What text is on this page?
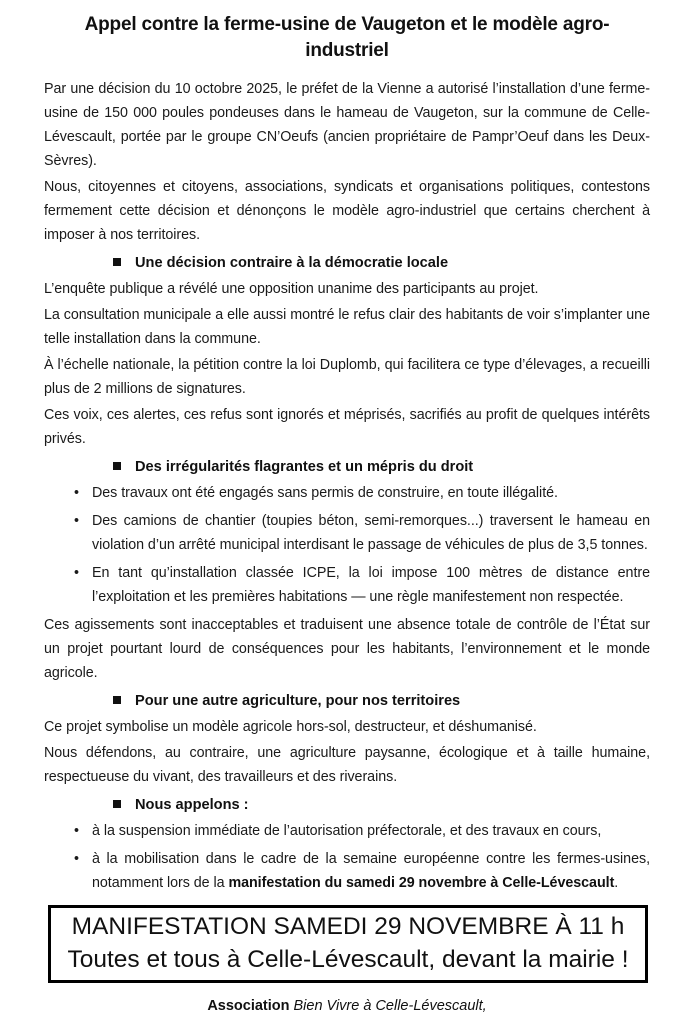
Appel contre la ferme-usine de Vaugeton et le modèle agro-industriel

Par une décision du 10 octobre 2025, le préfet de la Vienne a autorisé l’installation d’une ferme-usine de 150 000 poules pondeuses dans le hameau de Vaugeton, sur la commune de Celle-Lévescault, portée par le groupe CN’Oeufs (ancien propriétaire de Pampr’Oeuf dans les Deux-Sèvres).

Nous, citoyennes et citoyens, associations, syndicats et organisations politiques, contestons fermement cette décision et dénonçons le modèle agro-industriel que certains cherchent à imposer à nos territoires.

Une décision contraire à la démocratie locale

L’enquête publique a révélé une opposition unanime des participants au projet.

La consultation municipale a elle aussi montré le refus clair des habitants de voir s’implanter une telle installation dans la commune.

À l’échelle nationale, la pétition contre la loi Duplomb, qui facilitera ce type d’élevages, a recueilli plus de 2 millions de signatures.

Ces voix, ces alertes, ces refus sont ignorés et méprisés, sacrifiés au profit de quelques intérêts privés.

Des irrégularités flagrantes et un mépris du droit
• Des travaux ont été engagés sans permis de construire, en toute illégalité.

• Des camions de chantier (toupies béton, semi-remorques...) traversent le hameau en violation d’un arrêté municipal interdisant le passage de véhicules de plus de 3,5 tonnes.

• En tant qu’installation classée ICPE, la loi impose 100 mètres de distance entre l’exploitation et les premières habitations — une règle manifestement non respectée.

Ces agissements sont inacceptables et traduisent une absence totale de contrôle de l’État sur un projet pourtant lourd de conséquences pour les habitants, l’environnement et le monde agricole.

Pour une autre agriculture, pour nos territoires

Ce projet symbolise un modèle agricole hors-sol, destructeur, et déshumanisé.

Nous défendons, au contraire, une agriculture paysanne, écologique et à taille humaine, respectueuse du vivant, des travailleurs et des riverains.

Nous appelons :
• à la suspension immédiate de l’autorisation préfectorale, et des travaux en cours,

• à la mobilisation dans le cadre de la semaine européenne contre les fermes-usines, notamment lors de la manifestation du samedi 29 novembre à Celle-Lévescault.

MANIFESTATION SAMEDI 29 NOVEMBRE À 11 h
Toutes et tous à Celle-Lévescault, devant la mairie !

Association Bien Vivre à Celle-Lévescault,
